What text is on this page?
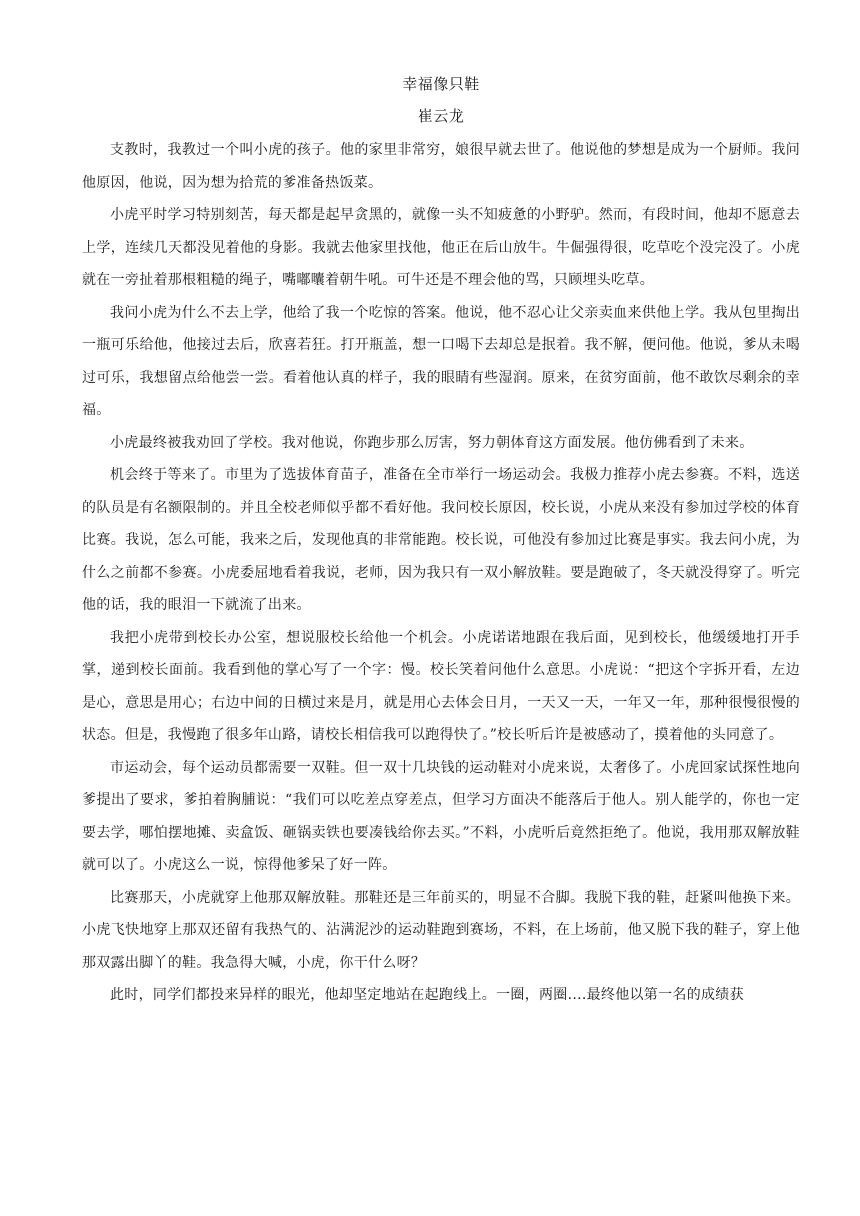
幸福像只鞋
崔云龙

支教时，我教过一个叫小虎的孩子。他的家里非常穷，娘很早就去世了。他说他的梦想是成为一个厨师。我问他原因，他说，因为想为拾荒的爹准备热饭菜。

小虎平时学习特别刻苦，每天都是起早贪黑的，就像一头不知疲惫的小野驴。然而，有段时间，他却不愿意去上学，连续几天都没见着他的身影。我就去他家里找他，他正在后山放牛。牛倔强得很，吃草吃个没完没了。小虎就在一旁扯着那根粗糙的绳子，嘴嘟囔着朝牛吼。可牛还是不理会他的骂，只顾埋头吃草。

我问小虎为什么不去上学，他给了我一个吃惊的答案。他说，他不忍心让父亲卖血来供他上学。我从包里掏出一瓶可乐给他，他接过去后，欣喜若狂。打开瓶盖，想一口喝下去却总是抿着。我不解，便问他。他说，爹从未喝过可乐，我想留点给他尝一尝。看着他认真的样子，我的眼睛有些湿润。原来，在贫穷面前，他不敢饮尽剩余的幸福。

小虎最终被我劝回了学校。我对他说，你跑步那么厉害，努力朝体育这方面发展。他仿佛看到了未来。

机会终于等来了。市里为了选拔体育苗子，准备在全市举行一场运动会。我极力推荐小虎去参赛。不料，选送的队员是有名额限制的。并且全校老师似乎都不看好他。我问校长原因，校长说，小虎从来没有参加过学校的体育比赛。我说，怎么可能，我来之后，发现他真的非常能跑。校长说，可他没有参加过比赛是事实。我去问小虎，为什么之前都不参赛。小虎委屈地看着我说，老师，因为我只有一双小解放鞋。要是跑破了，冬天就没得穿了。听完他的话，我的眼泪一下就流了出来。

我把小虎带到校长办公室，想说服校长给他一个机会。小虎诺诺地跟在我后面，见到校长，他缓缓地打开手掌，递到校长面前。我看到他的掌心写了一个字：慢。校长笑着问他什么意思。小虎说：“把这个字拆开看，左边是心，意思是用心；右边中间的日横过来是月，就是用心去体会日月，一天又一天，一年又一年，那种很慢很慢的状态。但是，我慢跑了很多年山路，请校长相信我可以跑得快了。”校长听后许是被感动了，摸着他的头同意了。

市运动会，每个运动员都需要一双鞋。但一双十几块钱的运动鞋对小虎来说，太奢侈了。小虎回家试探性地向爹提出了要求，爹拍着胸脯说：“我们可以吃差点穿差点，但学习方面决不能落后于他人。别人能学的，你也一定要去学，哪怕摆地摊、卖盒饭、砸锅卖铁也要凑钱给你去买。”不料，小虎听后竟然拒绝了。他说，我用那双解放鞋就可以了。小虎这么一说，惊得他爹呆了好一阵。

比赛那天，小虎就穿上他那双解放鞋。那鞋还是三年前买的，明显不合脚。我脱下我的鞋，赶紧叫他换下来。小虎飞快地穿上那双还留有我热气的、沾满泥沙的运动鞋跑到赛场，不料，在上场前，他又脱下我的鞋子，穿上他那双露出脚丫的鞋。我急得大喊，小虎，你干什么呀？

此时，同学们都投来异样的眼光，他却坚定地站在起跑线上。一圈，两圈....最终他以第一名的成绩获
